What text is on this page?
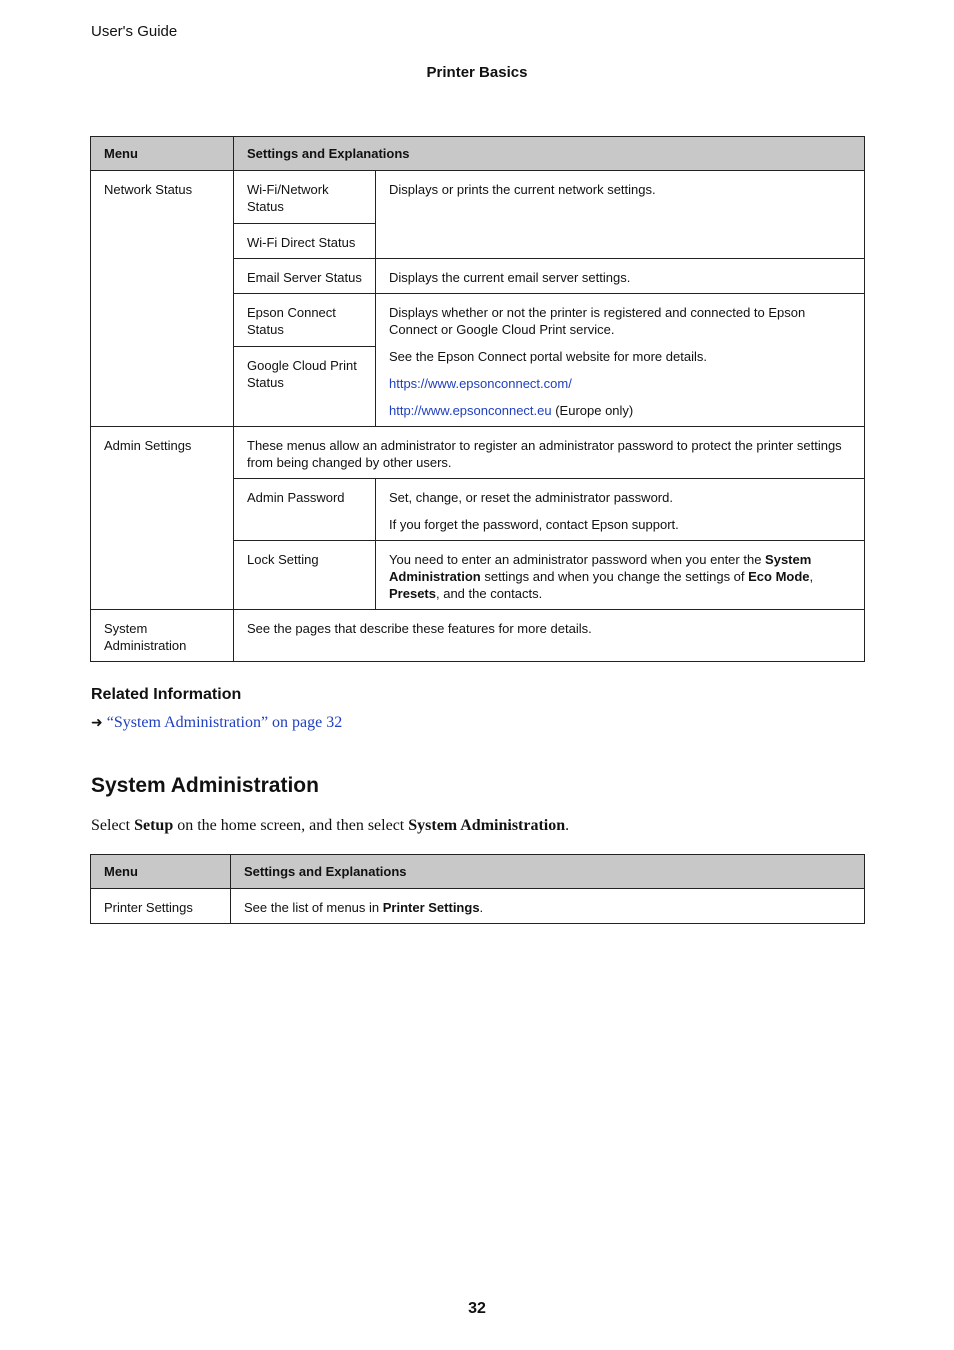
User's Guide
Printer Basics
Menu	Settings and Explanations	
Network Status	Wi-Fi/Network Status	Displays or prints the current network settings.
	Wi-Fi Direct Status	
	Email Server Status	Displays the current email server settings.
	Epson Connect Status	Displays whether or not the printer is registered and connected to Epson Connect or Google Cloud Print service.

See the Epson Connect portal website for more details.

https://www.epsonconnect.com/

http://www.epsonconnect.eu (Europe only)

	Google Cloud Print Status	
Admin Settings	These menus allow an administrator to register an administrator password to protect the printer settings from being changed by other users.	
	Admin Password	Set, change, or reset the administrator password.

If you forget the password, contact Epson support.

	Lock Setting	You need to enter an administrator password when you enter the System Administration settings and when you change the settings of Eco Mode, Presets, and the contacts.
System Administration	See the pages that describe these features for more details.	
Related Information
➜ “System Administration” on page 32
System Administration
Select Setup on the home screen, and then select System Administration.
Menu	Settings and Explanations
Printer Settings	See the list of menus in Printer Settings.
32
